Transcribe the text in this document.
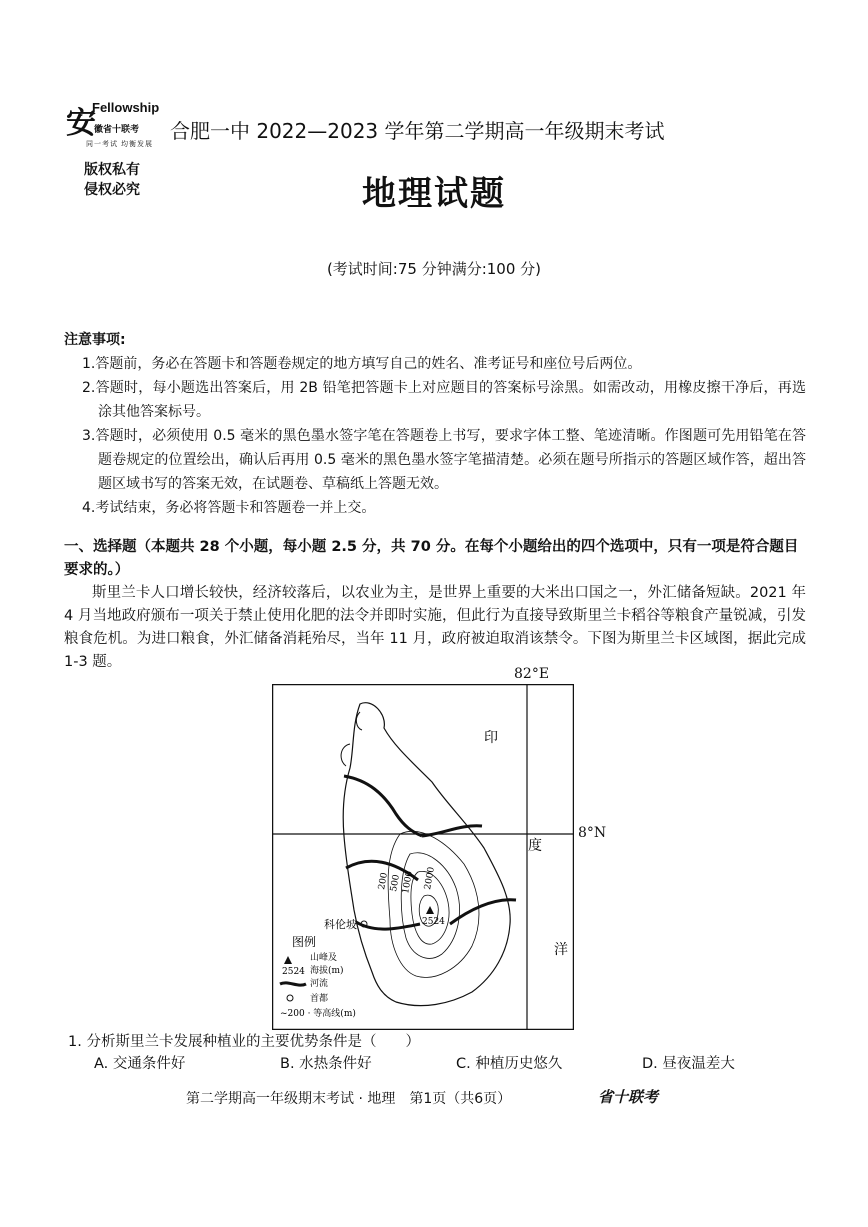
安
Fellowship
徽省十联考
同一考试 均衡发展
版权私有
侵权必究
合肥一中 2022—2023 学年第二学期高一年级期末考试
地理试题
(考试时间:75 分钟满分:100 分)
注意事项:
1.答题前，务必在答题卡和答题卷规定的地方填写自己的姓名、准考证号和座位号后两位。
2.答题时，每小题选出答案后，用 2B 铅笔把答题卡上对应题目的答案标号涂黑。如需改动，用橡皮擦干净后，再选涂其他答案标号。
3.答题时，必须使用 0.5 毫米的黑色墨水签字笔在答题卷上书写，要求字体工整、笔迹清晰。作图题可先用铅笔在答题卷规定的位置绘出，确认后再用 0.5 毫米的黑色墨水签字笔描清楚。必须在题号所指示的答题区域作答，超出答题区域书写的答案无效，在试题卷、草稿纸上答题无效。
4.考试结束，务必将答题卡和答题卷一并上交。
一、选择题（本题共 28 个小题，每小题 2.5 分，共 70 分。在每个小题给出的四个选项中，只有一项是符合题目要求的。）
斯里兰卡人口增长较快，经济较落后，以农业为主，是世界上重要的大米出口国之一，外汇储备短缺。2021 年 4 月当地政府颁布一项关于禁止使用化肥的法令并即时实施，但此行为直接导致斯里兰卡稻谷等粮食产量锐减，引发粮食危机。为进口粮食，外汇储备消耗殆尽，当年 11 月，政府被迫取消该禁令。下图为斯里兰卡区域图，据此完成 1-3 题。
2524
科伦坡
200 500 1000 2000
印
度
洋
图例
2524
山峰及
海拔(m)
河流
首都
~200 · 等高线(m)
82°E
8°N
1. 分析斯里兰卡发展种植业的主要优势条件是（　　）
A. 交通条件好	B. 水热条件好	C. 种植历史悠久	D. 昼夜温差大
第二学期高一年级期末考试 · 地理　第1页（共6页）	省十联考
